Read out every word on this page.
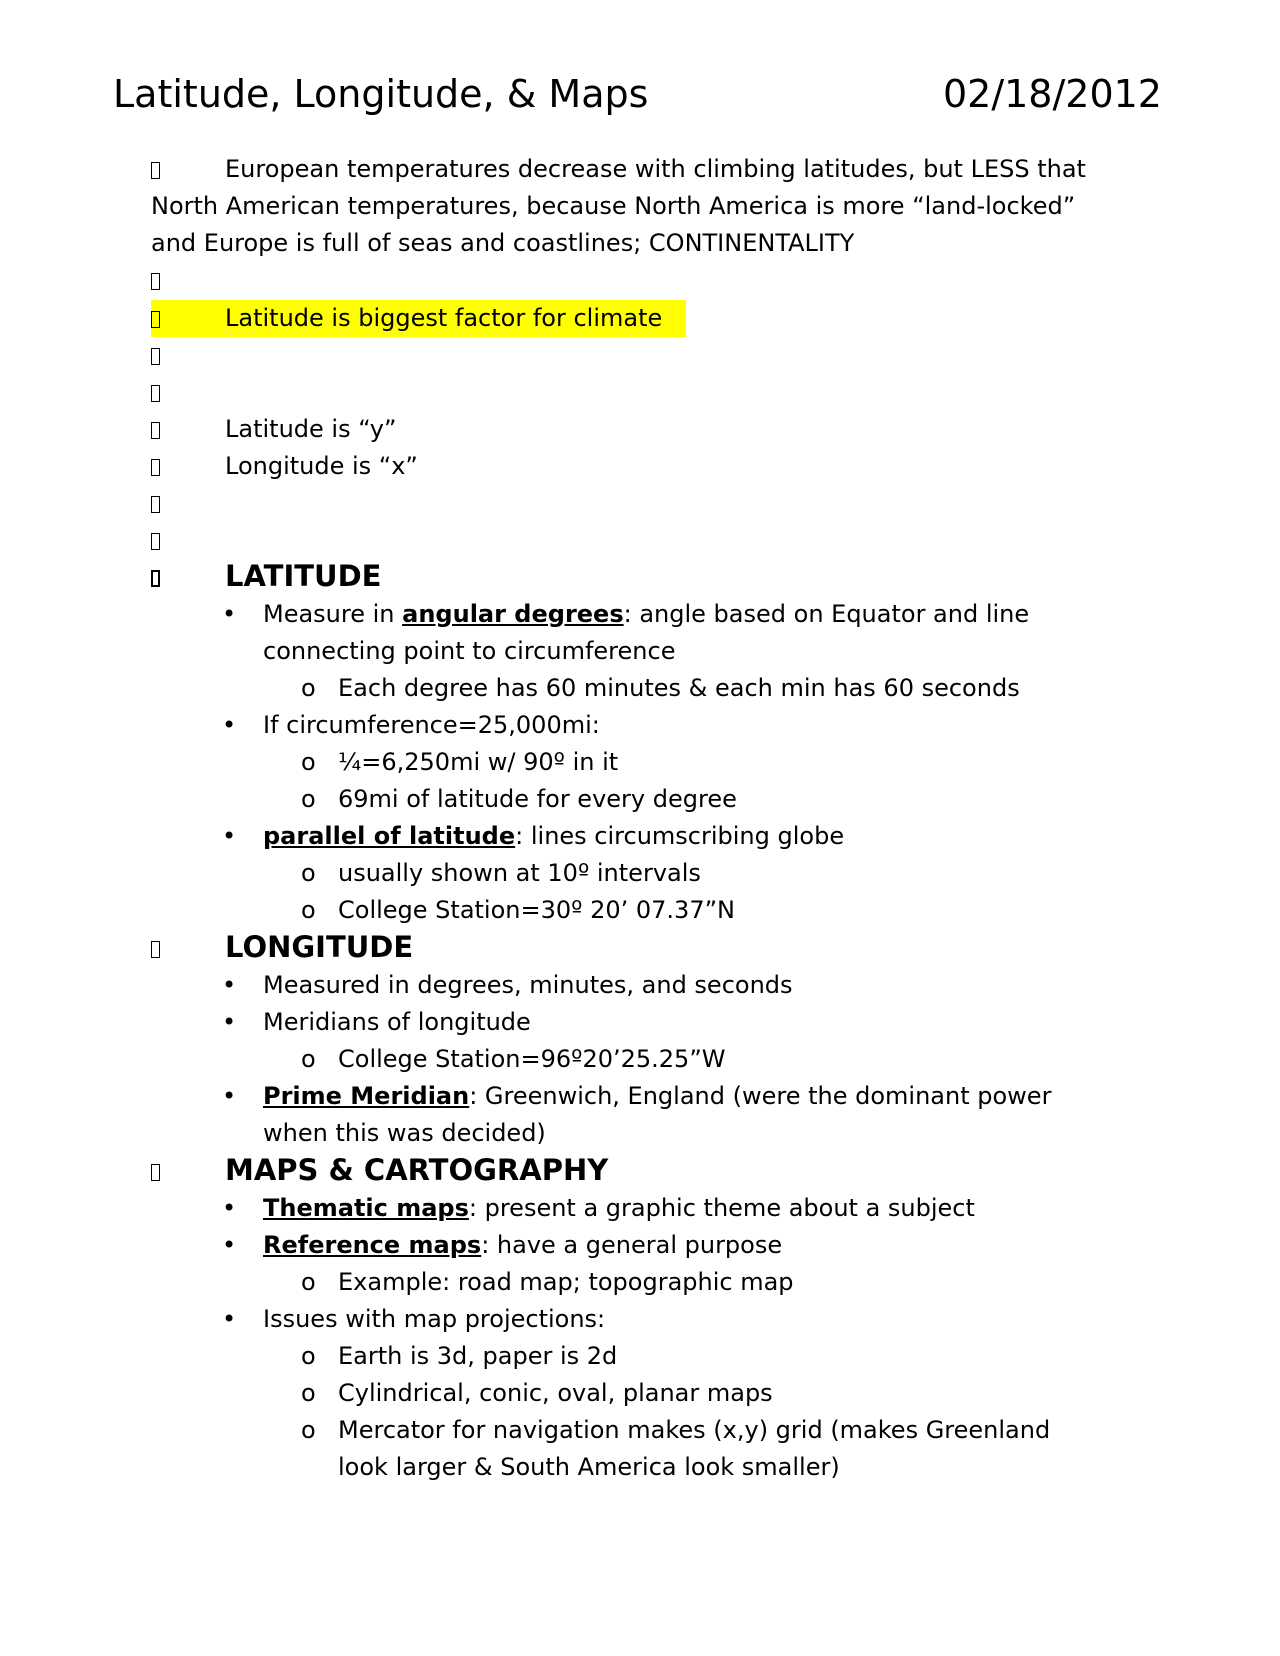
Latitude, Longitude, & Maps	02/18/2012
European temperatures decrease with climbing latitudes, but LESS that
North American temperatures, because North America is more “land-locked”
and Europe is full of seas and coastlines; CONTINENTALITY
Latitude is biggest factor for climate
Latitude is “y”
Longitude is “x”
LATITUDE
• Measure in angular degrees: angle based on Equator and line
connecting point to circumference
o Each degree has 60 minutes & each min has 60 seconds
• If circumference=25,000mi:
o ¼=6,250mi w/ 90º in it
o 69mi of latitude for every degree
• parallel of latitude: lines circumscribing globe
o usually shown at 10º intervals
o College Station=30º 20’ 07.37”N
LONGITUDE
• Measured in degrees, minutes, and seconds
• Meridians of longitude
o College Station=96º20’25.25”W
• Prime Meridian: Greenwich, England (were the dominant power
when this was decided)
MAPS & CARTOGRAPHY
• Thematic maps: present a graphic theme about a subject
• Reference maps: have a general purpose
o Example: road map; topographic map
• Issues with map projections:
o Earth is 3d, paper is 2d
o Cylindrical, conic, oval, planar maps
o Mercator for navigation makes (x,y) grid (makes Greenland
look larger & South America look smaller)
